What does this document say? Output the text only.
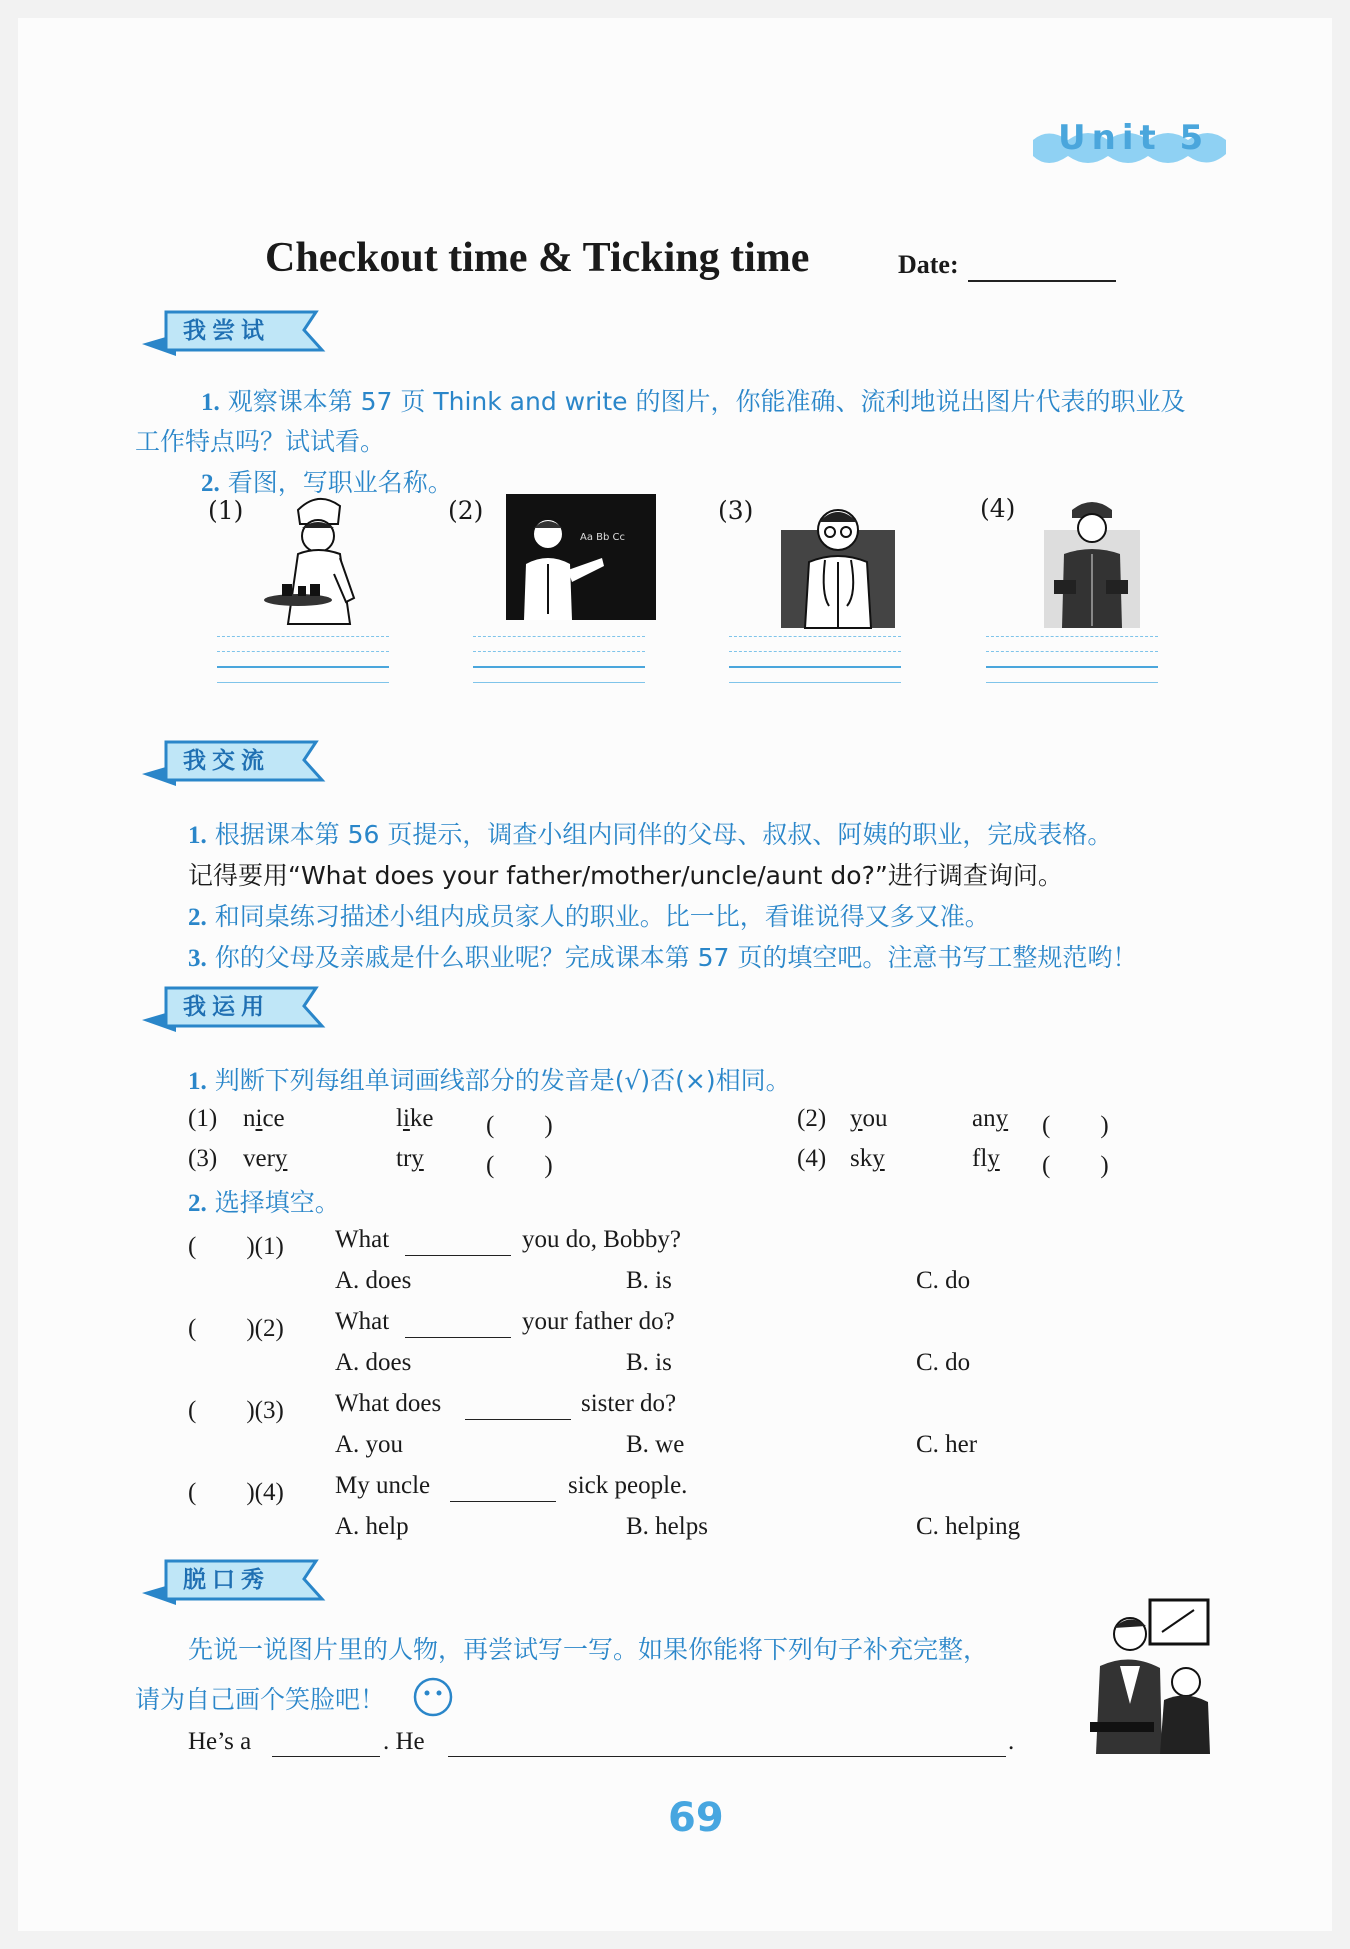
Unit 5
Checkout time & Ticking time	Date:
我尝试
1. 观察课本第 57 页 Think and write 的图片，你能准确、流利地说出图片代表的职业及
工作特点吗？试试看。
2. 看图，写职业名称。
(1)	(2)	(3)	(4)
Aa Bb Cc
我交流
1. 根据课本第 56 页提示，调查小组内同伴的父母、叔叔、阿姨的职业，完成表格。
记得要用“What does your father/mother/uncle/aunt do?”进行调查询问。
2. 和同桌练习描述小组内成员家人的职业。比一比，看谁说得又多又准。
3. 你的父母及亲戚是什么职业呢？完成课本第 57 页的填空吧。注意书写工整规范哟！
我运用
1. 判断下列每组单词画线部分的发音是(√)否(×)相同。
(1) nice	like (　　)	(2) you	any (　　)
(3) very	try (　　)	(4) sky	fly (　　)
2. 选择填空。
(　　)(1) What	you do, Bobby?
A. does	B. is	C. do
(　　)(2) What	your father do?
A. does	B. is	C. do
(　　)(3) What does	sister do?
A. you	B. we	C. her
(　　)(4) My uncle	sick people.
A. help	B. helps	C. helping
脱口秀
先说一说图片里的人物，再尝试写一写。如果你能将下列句子补充完整，
请为自己画个笑脸吧！
He’s a	. He	.
69
